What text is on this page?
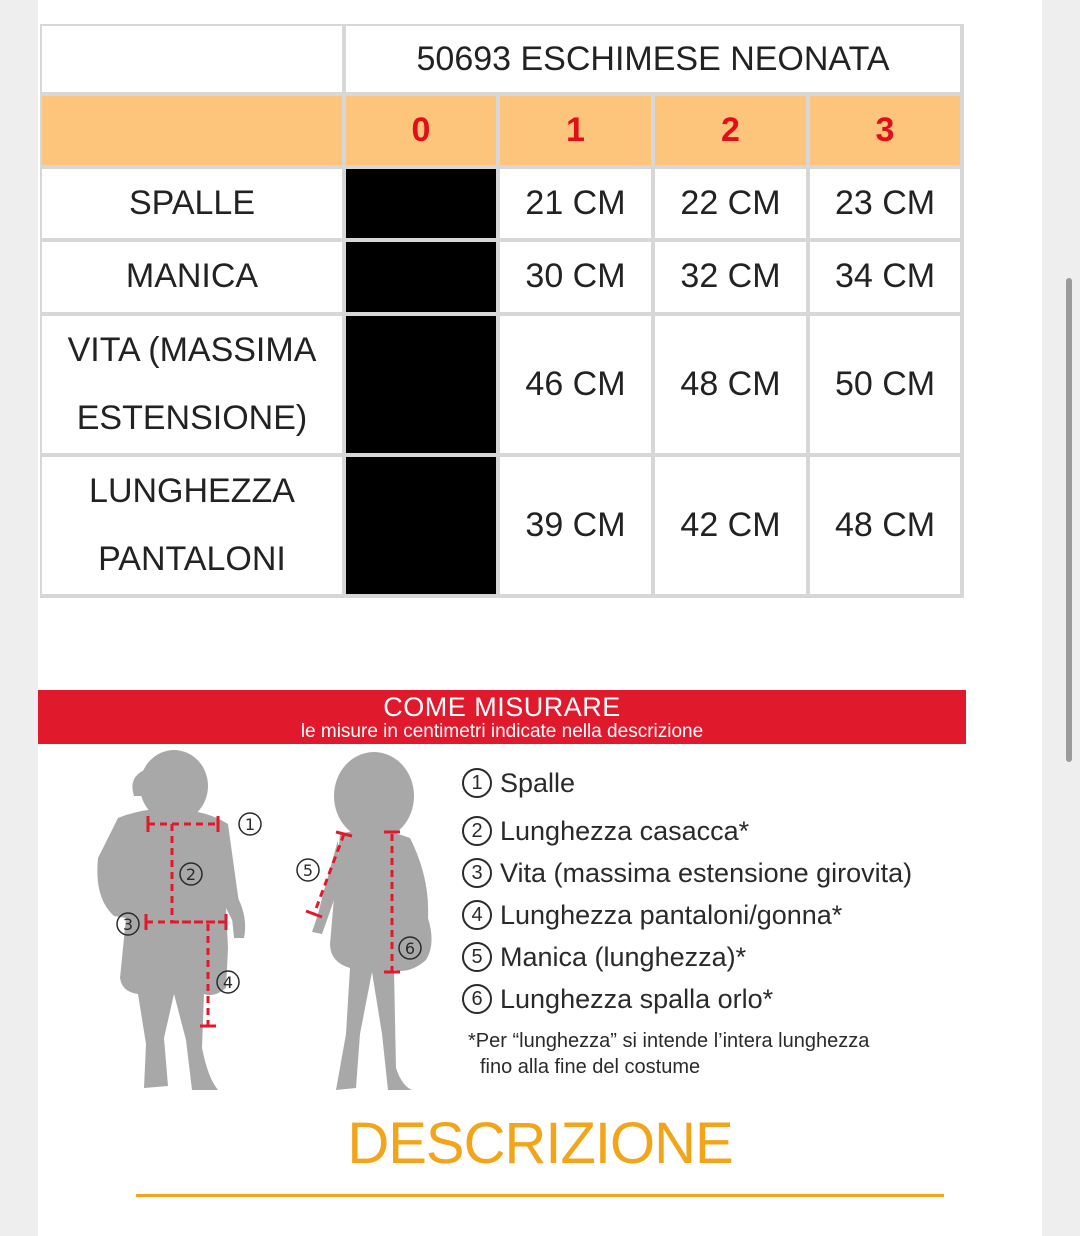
	50693 ESCHIMESE NEONATA			
	0	1	2	3
SPALLE		21 CM	22 CM	23 CM
MANICA		30 CM	32 CM	34 CM

VITA (MASSIMA
ESTENSIONE)		46 CM	48 CM	50 CM

LUNGHEZZA
PANTALONI		39 CM	42 CM	48 CM
COME MISURARE
le misure in centimetri indicate nella descrizione
1
2
3
4
5
6
1 Spalle
2 Lunghezza casacca*
3 Vita (massima estensione girovita)
4 Lunghezza pantaloni/gonna*
5 Manica (lunghezza)*
6 Lunghezza spalla orlo*
*Per “lunghezza” si intende l’intera lunghezza
fino alla fine del costume
DESCRIZIONE
